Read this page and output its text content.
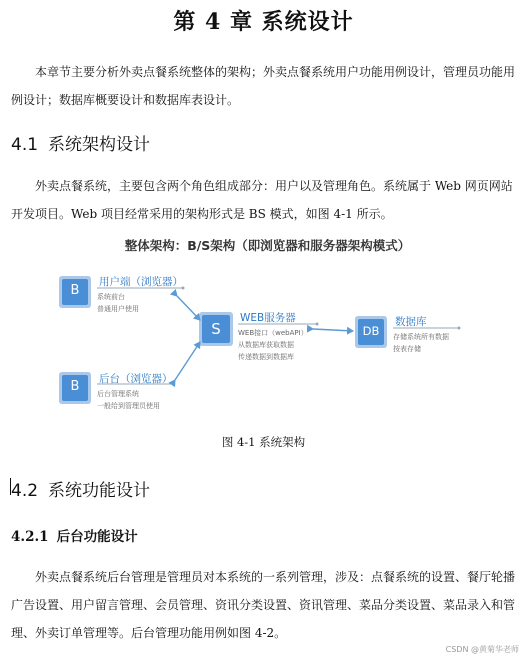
第 4 章 系统设计

本章节主要分析外卖点餐系统整体的架构；外卖点餐系统用户功能用例设计，管理员功能用例设计；数据库概要设计和数据库表设计。

4.1 系统架构设计

外卖点餐系统，主要包含两个角色组成部分：用户以及管理角色。系统属于 Web 网页网站开发项目。Web 项目经常采用的架构形式是 BS 模式，如图 4-1 所示。

整体架构：B/S架构（即浏览器和服务器架构模式）
B
用户端（浏览器）
系统前台
普通用户使用
B	后台（浏览器）
后台管理系统
一般给到管理员使用
S
WEB服务器
WEB接口（webAPI）
从数据库获取数据
传递数据到数据库
DB
数据库
存储系统所有数据
按表存储
图 4-1 系统架构
4.2 系统功能设计
4.2.1 后台功能设计

外卖点餐系统后台管理是管理员对本系统的一系列管理，涉及：点餐系统的设置、餐厅轮播广告设置、用户留言管理、会员管理、资讯分类设置、资讯管理、菜品分类设置、菜品录入和管理、外卖订单管理等。后台管理功能用例如图 4-2。

CSDN @黄菊华老师
